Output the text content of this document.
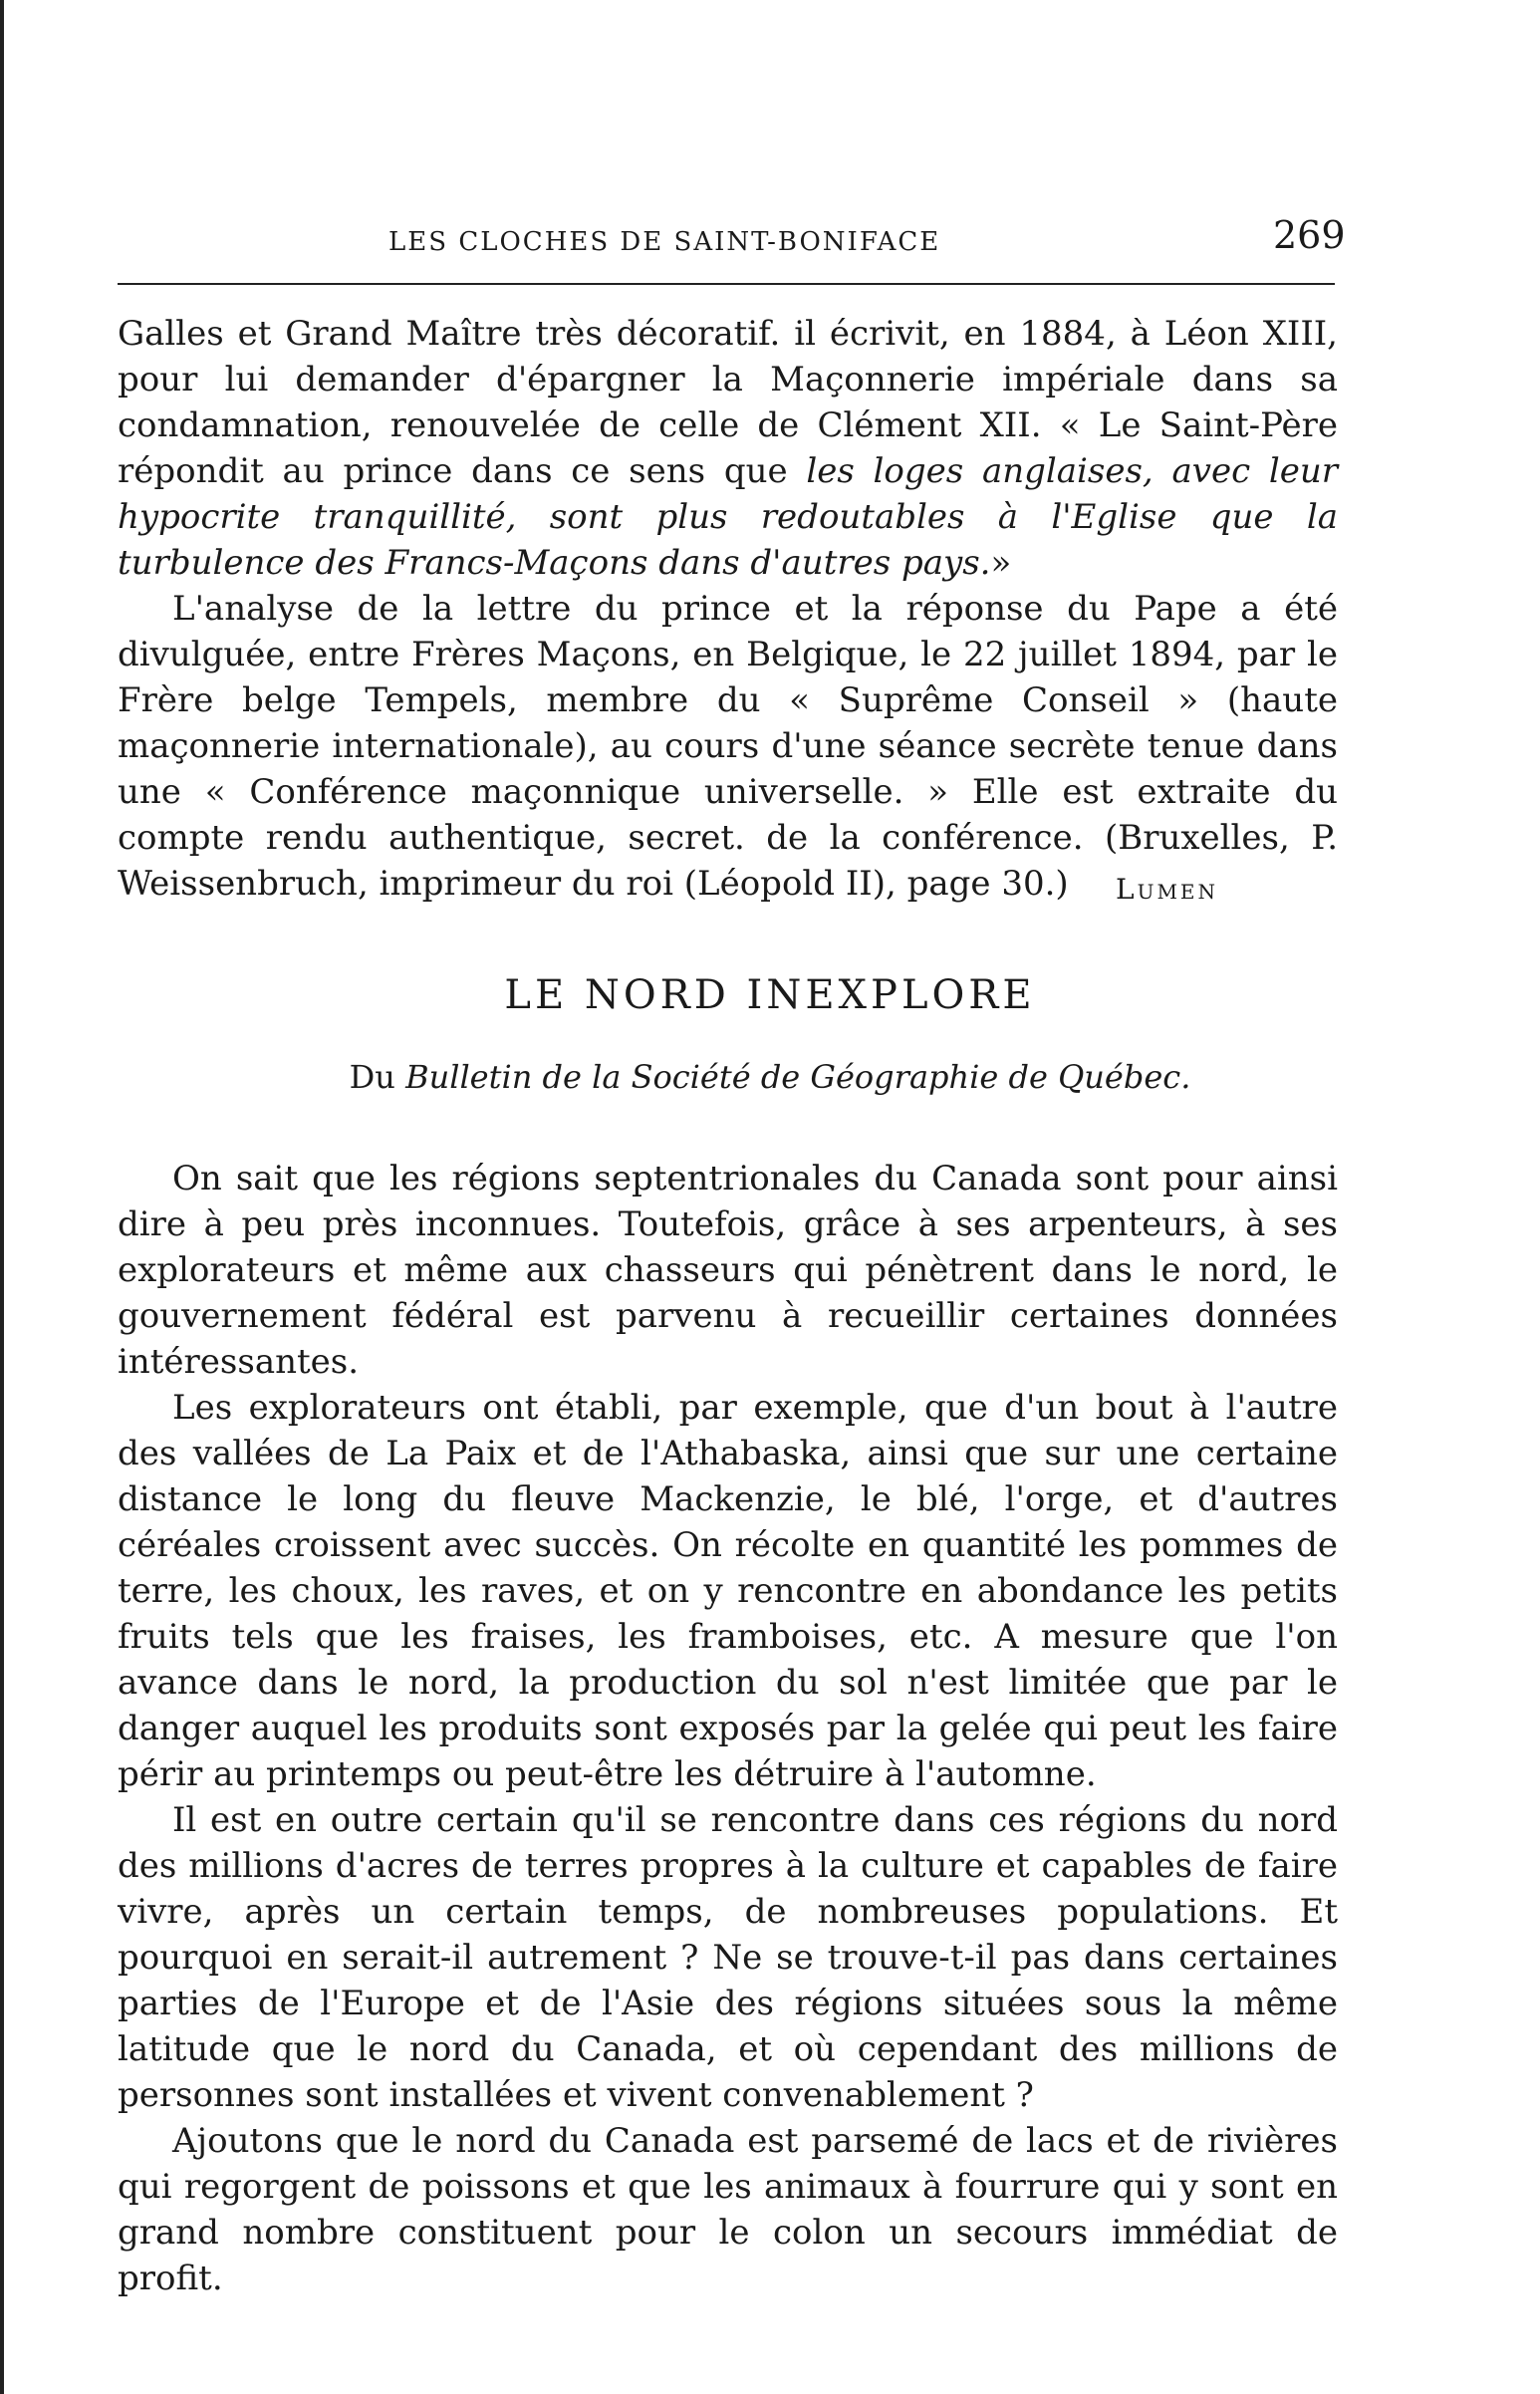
LES CLOCHES DE SAINT-BONIFACE	269

Galles et Grand Maître très décoratif. il écrivit, en 1884, à Léon XIII, pour lui demander d'épargner la Maçonnerie impériale dans sa condamnation, renouvelée de celle de Clément XII. « Le Saint-Père répondit au prince dans ce sens que les loges anglaises, avec leur hypocrite tranquillité, sont plus redoutables à l'Eglise que la turbulence des Francs-Maçons dans d'autres pays.»

L'analyse de la lettre du prince et la réponse du Pape a été divulguée, entre Frères Maçons, en Belgique, le 22 juillet 1894, par le Frère belge Tempels, membre du « Suprême Conseil » (haute maçonnerie internationale), au cours d'une séance secrète tenue dans une « Conférence maçonnique universelle. » Elle est extraite du compte rendu authentique, secret. de la conférence. (Bruxelles, P. Weissenbruch, imprimeur du roi (Léopold II), page 30.)	Lumen
LE NORD INEXPLORE
Du Bulletin de la Société de Géographie de Québec.

On sait que les régions septentrionales du Canada sont pour ainsi dire à peu près inconnues. Toutefois, grâce à ses arpenteurs, à ses explorateurs et même aux chasseurs qui pénètrent dans le nord, le gouvernement fédéral est parvenu à recueillir certaines données intéressantes.

Les explorateurs ont établi, par exemple, que d'un bout à l'autre des vallées de La Paix et de l'Athabaska, ainsi que sur une certaine distance le long du fleuve Mackenzie, le blé, l'orge, et d'autres céréales croissent avec succès. On récolte en quantité les pommes de terre, les choux, les raves, et on y rencontre en abondance les petits fruits tels que les fraises, les framboises, etc. A mesure que l'on avance dans le nord, la production du sol n'est limitée que par le danger auquel les produits sont exposés par la gelée qui peut les faire périr au printemps ou peut-être les détruire à l'automne.

Il est en outre certain qu'il se rencontre dans ces régions du nord des millions d'acres de terres propres à la culture et capables de faire vivre, après un certain temps, de nombreuses populations. Et pourquoi en serait-il autrement ? Ne se trouve-t-il pas dans certaines parties de l'Europe et de l'Asie des régions situées sous la même latitude que le nord du Canada, et où cependant des millions de personnes sont installées et vivent convenablement ?

Ajoutons que le nord du Canada est parsemé de lacs et de rivières qui regorgent de poissons et que les animaux à fourrure qui y sont en grand nombre constituent pour le colon un secours immédiat de profit.
